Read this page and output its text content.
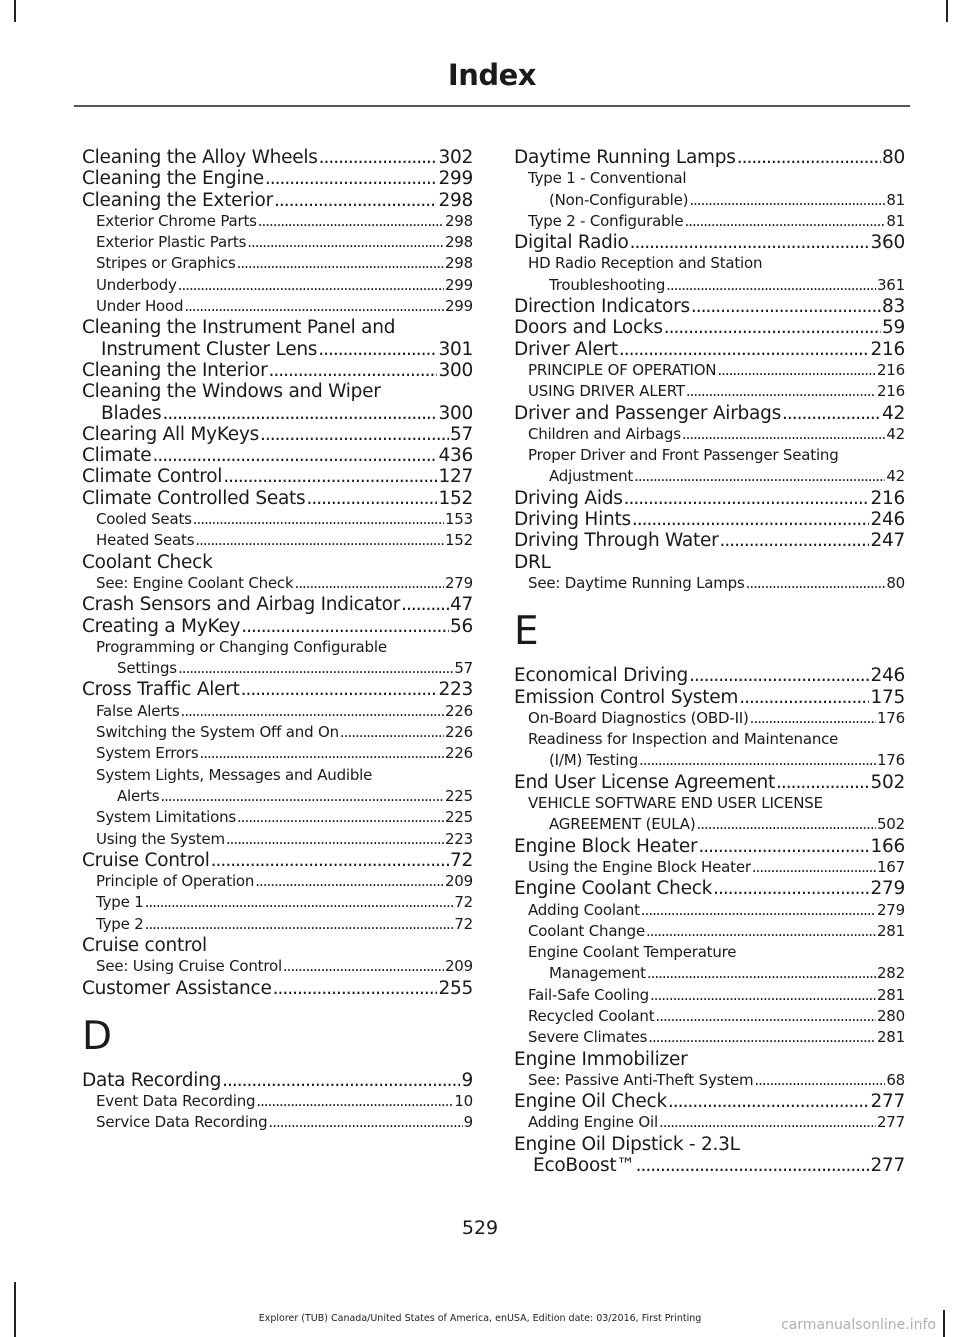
Index
Cleaning the Alloy Wheels .....	302
Cleaning the Engine .....	299
Cleaning the Exterior .....	298
Exterior Chrome Parts .....	298
Exterior Plastic Parts .....	298
Stripes or Graphics .....	298
Underbody .....	299
Under Hood .....	299
Cleaning the Instrument Panel and
Instrument Cluster Lens .....	301
Cleaning the Interior .....	300
Cleaning the Windows and Wiper
Blades .....	300
Clearing All MyKeys .....	57
Climate .....	436
Climate Control .....	127
Climate Controlled Seats .....	152
Cooled Seats .....	153
Heated Seats .....	152
Coolant Check
See: Engine Coolant Check .....	279
Crash Sensors and Airbag Indicator .....	47
Creating a MyKey .....	56
Programming or Changing Configurable
Settings .....	57
Cross Traffic Alert .....	223
False Alerts .....	226
Switching the System Off and On .....	226
System Errors .....	226
System Lights, Messages and Audible
Alerts .....	225
System Limitations .....	225
Using the System .....	223
Cruise Control .....	72
Principle of Operation .....	209
Type 1 .....	72
Type 2 .....	72
Cruise control
See: Using Cruise Control .....	209
Customer Assistance .....	255
D
Data Recording .....	9
Event Data Recording .....	10
Service Data Recording .....	9
Daytime Running Lamps .....	80
Type 1 - Conventional
(Non-Configurable) .....	81
Type 2 - Configurable .....	81
Digital Radio .....	360
HD Radio Reception and Station
Troubleshooting .....	361
Direction Indicators .....	83
Doors and Locks .....	59
Driver Alert .....	216
PRINCIPLE OF OPERATION .....	216
USING DRIVER ALERT .....	216
Driver and Passenger Airbags .....	42
Children and Airbags .....	42
Proper Driver and Front Passenger Seating
Adjustment .....	42
Driving Aids .....	216
Driving Hints .....	246
Driving Through Water .....	247
DRL
See: Daytime Running Lamps .....	80
E
Economical Driving .....	246
Emission Control System .....	175
On-Board Diagnostics (OBD-II) .....	176
Readiness for Inspection and Maintenance
(I/M) Testing .....	176
End User License Agreement .....	502
VEHICLE SOFTWARE END USER LICENSE
AGREEMENT (EULA) .....	502
Engine Block Heater .....	166
Using the Engine Block Heater .....	167
Engine Coolant Check .....	279
Adding Coolant .....	279
Coolant Change .....	281
Engine Coolant Temperature
Management .....	282
Fail-Safe Cooling .....	281
Recycled Coolant .....	280
Severe Climates .....	281
Engine Immobilizer
See: Passive Anti-Theft System .....	68
Engine Oil Check .....	277
Adding Engine Oil .....	277
Engine Oil Dipstick - 2.3L
EcoBoost™ .....	277
529
Explorer (TUB) Canada/United States of America, enUSA, Edition date: 03/2016, First Printing	carmanualsonline.info
